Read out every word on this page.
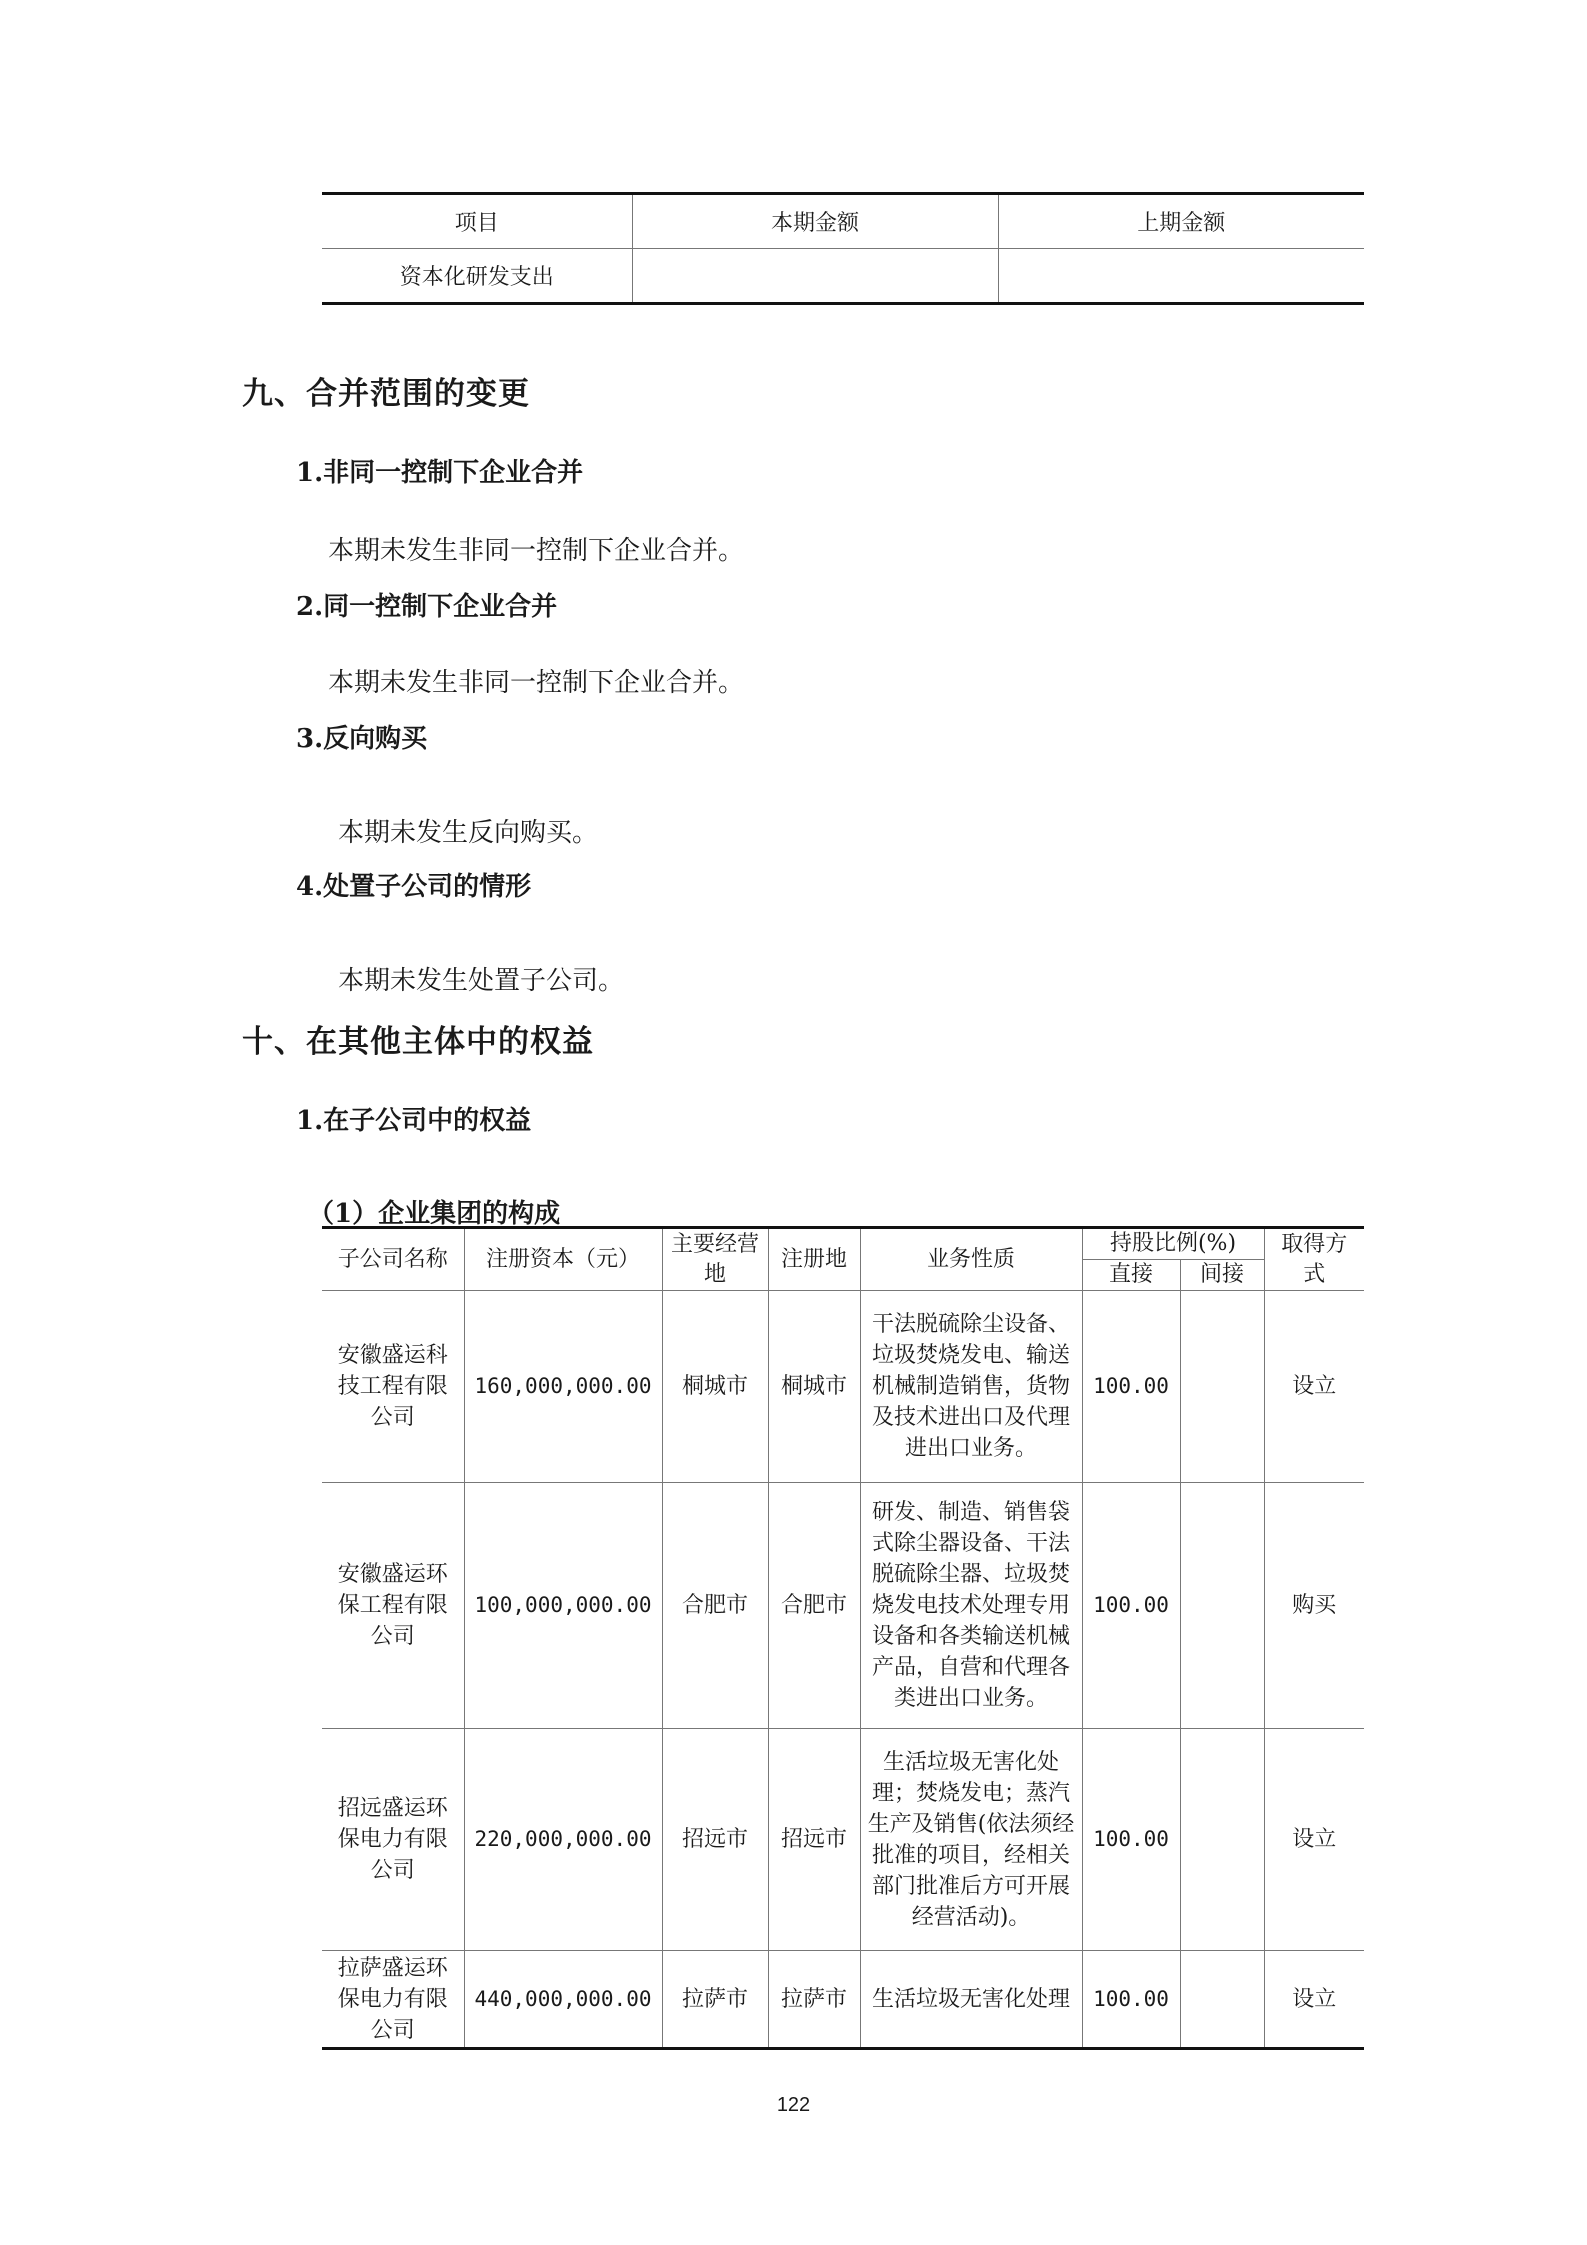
项目	本期金额	上期金额
资本化研发支出		
九、合并范围的变更
1.非同一控制下企业合并
本期未发生非同一控制下企业合并。
2.同一控制下企业合并
本期未发生非同一控制下企业合并。
3.反向购买
本期未发生反向购买。
4.处置子公司的情形
本期未发生处置子公司。
十、在其他主体中的权益
1.在子公司中的权益
（1）企业集团的构成
子公司名称	注册资本（元）	主要经营地	注册地	业务性质	持股比例(%)		取得方式
					直接	间接	
安徽盛运科技工程有限公司	160,000,000.00	桐城市	桐城市	干法脱硫除尘设备、垃圾焚烧发电、输送机械制造销售，货物及技术进出口及代理进出口业务。	100.00		设立
安徽盛运环保工程有限公司	100,000,000.00	合肥市	合肥市	研发、制造、销售袋式除尘器设备、干法脱硫除尘器、垃圾焚烧发电技术处理专用设备和各类输送机械产品，自营和代理各类进出口业务。	100.00		购买
招远盛运环保电力有限公司	220,000,000.00	招远市	招远市	生活垃圾无害化处理；焚烧发电；蒸汽生产及销售(依法须经批准的项目，经相关部门批准后方可开展经营活动)。	100.00		设立
拉萨盛运环保电力有限公司	440,000,000.00	拉萨市	拉萨市	生活垃圾无害化处理	100.00		设立
122
